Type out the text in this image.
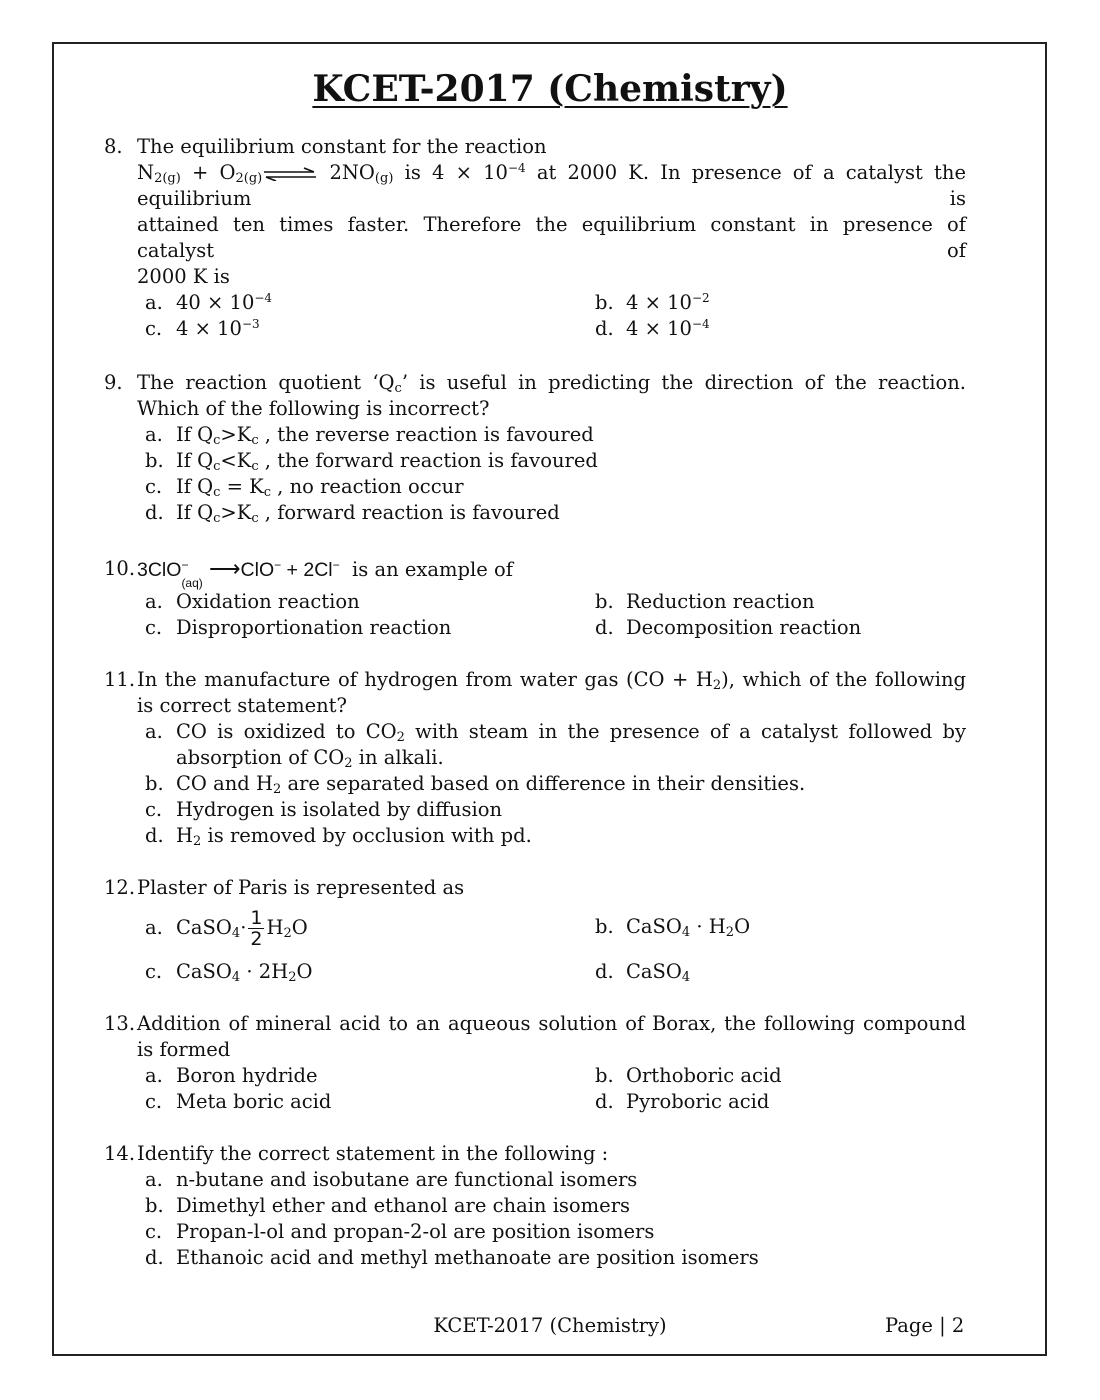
KCET-2017 (Chemistry)
8. The equilibrium constant for the reaction
$N_{2(g)}$ + $O_{2(g)}\rightleftharpoons$ $2NO_{(g)}$ is $4 \times 10^{-4}$ at 2000 K. In presence of a catalyst the equilibrium is
attained ten times faster. Therefore the equilibrium constant in presence of catalyst of
2000 K is
a. $40 \times 10^{-4}$	b. $4 \times 10^{-2}$
c. $4 \times 10^{-3}$	d. $4 \times 10^{-4}$
9. The reaction quotient ‘$Q_c$’ is useful in predicting the direction of the reaction. Which of the following is incorrect?
a. If $Q_c>K_c$ , the reverse reaction is favoured
b. If $Q_c<K_c$ , the forward reaction is favoured
c. If $Q_c = K_c$ , no reaction occur
d. If $Q_c>K_c$ , forward reaction is favoured
10. 3ClO −
(aq)
⟶ClO− + 2Cl−  is an example of
a. Oxidation reaction	b. Reduction reaction
c. Disproportionation reaction	d. Decomposition reaction
11. In the manufacture of hydrogen from water gas $(CO + H_2)$, which of the following is correct statement?
a. CO is oxidized to $CO_2$ with steam in the presence of a catalyst followed by absorption of $CO_2$ in alkali.
b. CO and $H_2$ are separated based on difference in their densities.
c. Hydrogen is isolated by diffusion
d. $H_2$ is removed by occlusion with pd.
12. Plaster of Paris is represented as
a. CaSO$_4$· $\frac{1}{2} H_2O$	b. CaSO$_4$ · $H_2O$
c. CaSO$_4$ · $2H_2O$	d. CaSO$_4$
13. Addition of mineral acid to an aqueous solution of Borax, the following compound is formed
a. Boron hydride	b. Orthoboric acid
c. Meta boric acid	d. Pyroboric acid
14. Identify the correct statement in the following :
a. n-butane and isobutane are functional isomers
b. Dimethyl ether and ethanol are chain isomers
c. Propan-l-ol and propan-2-ol are position isomers
d. Ethanoic acid and methyl methanoate are position isomers
KCET-2017 (Chemistry)	Page | 2
